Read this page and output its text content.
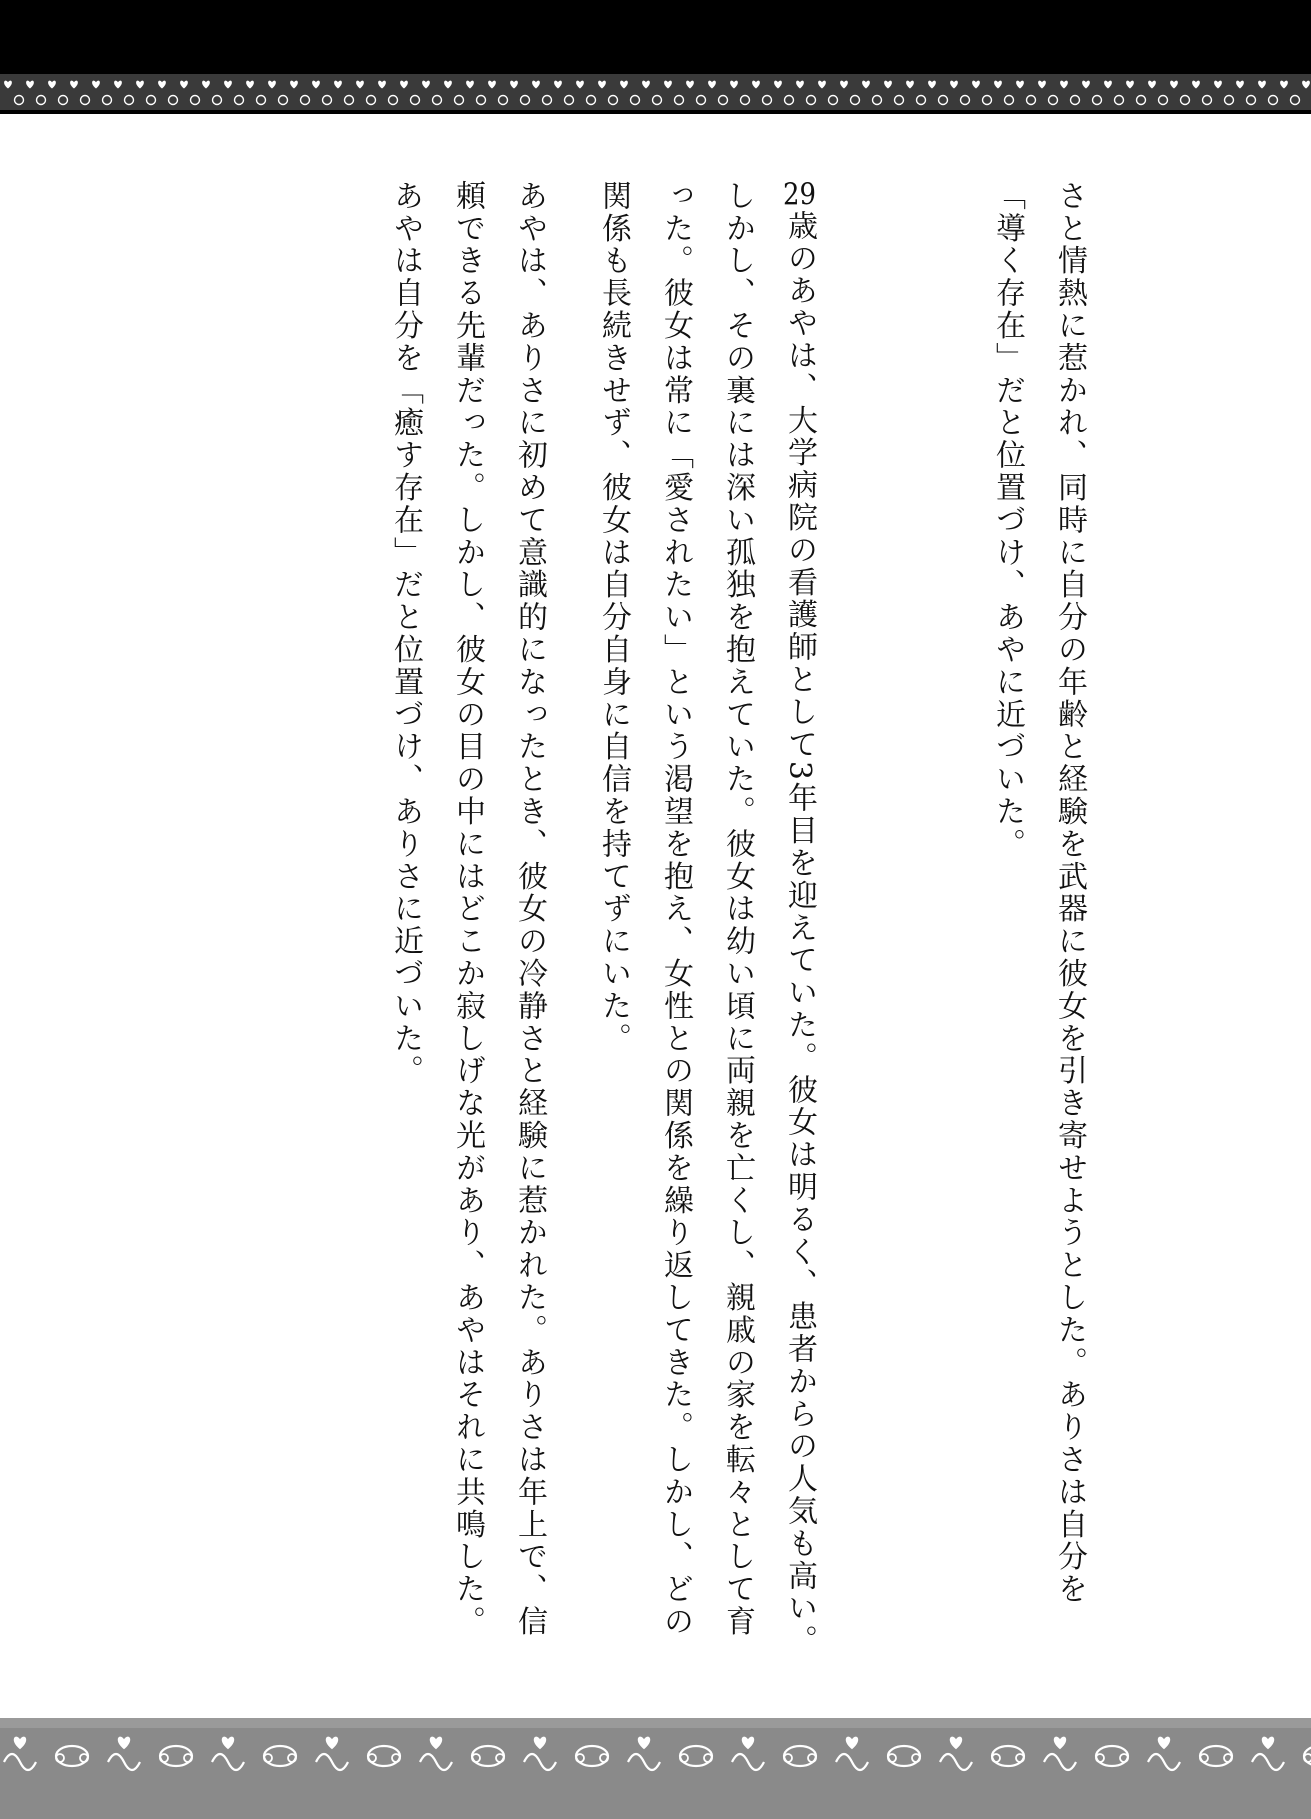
さと情熱に惹かれ、同時に自分の年齢と経験を武器に彼女を引き寄せようとした。ありさは自分を「導く存在」だと位置づけ、あやに近づいた。

29歳のあやは、大学病院の看護師として3年目を迎えていた。彼女は明るく、患者からの人気も高い。しかし、その裏には深い孤独を抱えていた。彼女は幼い頃に両親を亡くし、親戚の家を転々として育った。彼女は常に「愛されたい」という渇望を抱え、女性との関係を繰り返してきた。しかし、どの関係も長続きせず、彼女は自分自身に自信を持てずにいた。

あやは、ありさに初めて意識的になったとき、彼女の冷静さと経験に惹かれた。ありさは年上で、信頼できる先輩だった。しかし、彼女の目の中にはどこか寂しげな光があり、あやはそれに共鳴した。あやは自分を「癒す存在」だと位置づけ、ありさに近づいた。
